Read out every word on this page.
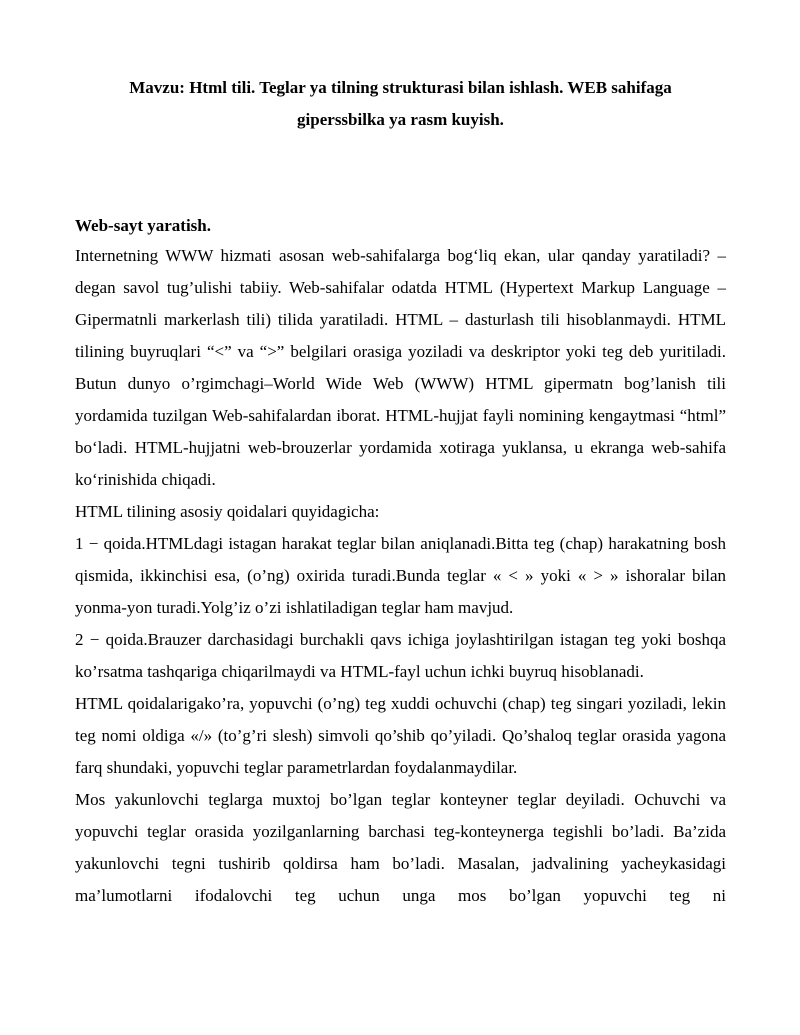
Mavzu: Html tili. Teglar ya tilning strukturasi bilan ishlash. WEB sahifaga
giperssbilka ya rasm kuyish.
Web-sayt yaratish.

Internetning WWW hizmati asosan web-sahifalarga bog‘liq ekan, ular qanday yaratiladi? – degan savol tug’ulishi tabiiy. Web-sahifalar odatda HTML (Hypertext Markup Language – Gipermatnli markerlash tili) tilida yaratiladi. HTML – dasturlash tili hisoblanmaydi. HTML tilining buyruqlari “<” va “>” belgilari orasiga yoziladi va deskriptor yoki teg deb yuritiladi. Butun dunyo o’rgimchagi–World Wide Web (WWW) HTML gipermatn bog’lanish tili yordamida tuzilgan Web-sahifalardan iborat. HTML-hujjat fayli nomining kengaytmasi “html” bo‘ladi. HTML-hujjatni web-brouzerlar yordamida xotiraga yuklansa, u ekranga web-sahifa ko‘rinishida chiqadi.

HTML tilining asosiy qoidalari quyidagicha:

1 − qoida.HTMLdagi istagan harakat teglar bilan aniqlanadi.Bitta teg (chap) harakatning bosh qismida, ikkinchisi esa, (o’ng) oxirida turadi.Bunda teglar « < » yoki « > » ishoralar bilan yonma-yon turadi.Yolg’iz o’zi ishlatiladigan teglar ham mavjud.

2 − qoida.Brauzer darchasidagi burchakli qavs ichiga joylashtirilgan istagan teg yoki boshqa ko’rsatma tashqariga chiqarilmaydi va HTML-fayl uchun ichki buyruq hisoblanadi.

HTML qoidalarigako’ra, yopuvchi (o’ng) teg xuddi ochuvchi (chap) teg singari yoziladi, lekin teg nomi oldiga «/» (to’g’ri slesh) simvoli qo’shib qo’yiladi. Qo’shaloq teglar orasida yagona farq shundaki, yopuvchi teglar parametrlardan foydalanmaydilar.

Mos yakunlovchi teglarga muxtoj bo’lgan teglar konteyner teglar deyiladi. Ochuvchi va yopuvchi teglar orasida yozilganlarning barchasi teg-konteynerga tegishli bo’ladi. Ba’zida yakunlovchi tegni tushirib qoldirsa ham bo’ladi. Masalan, jadvalining yacheykasidagi ma’lumotlarni ifodalovchi teg uchun unga mos bo’lgan yopuvchi teg ni
